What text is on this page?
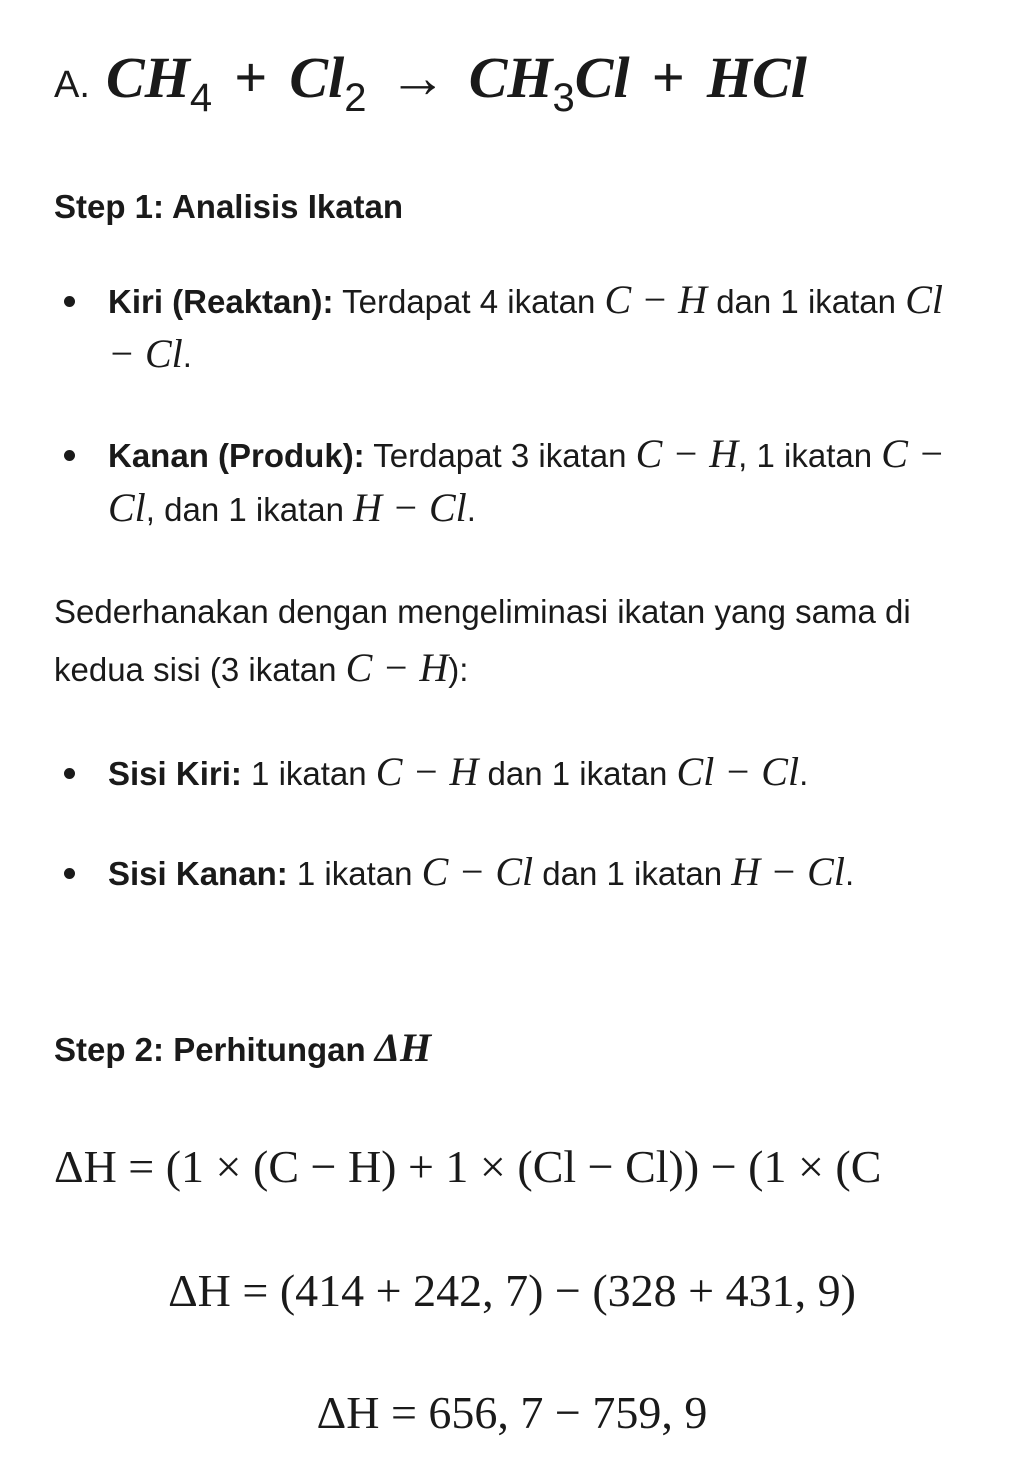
A. $CH_4 + Cl_2 \to CH_3Cl$ + HCl
Step 1: Analisis Ikatan
Kiri (Reaktan): Terdapat 4 ikatan C − H dan 1 ikatan Cl − Cl.
Kanan (Produk): Terdapat 3 ikatan C − H, 1 ikatan C − Cl, dan 1 ikatan H − Cl.
Sederhanakan dengan mengeliminasi ikatan yang sama di kedua sisi (3 ikatan C − H):
Sisi Kiri: 1 ikatan C − H dan 1 ikatan Cl − Cl.
Sisi Kanan: 1 ikatan C − Cl dan 1 ikatan H − Cl.
Step 2: Perhitungan ΔH
ΔH = (1 × (C − H) + 1 × (Cl − Cl)) − (1 × (C
ΔH = (414 + 242, 7) − (328 + 431, 9)
ΔH = 656, 7 − 759, 9
